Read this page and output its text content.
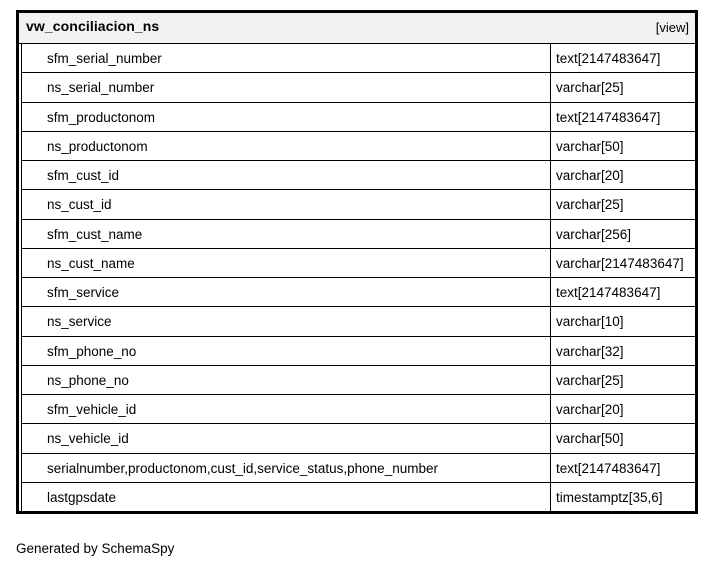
vw_conciliacion_ns	[view]
sfm_serial_number	text[2147483647]
ns_serial_number	varchar[25]
sfm_productonom	text[2147483647]
ns_productonom	varchar[50]
sfm_cust_id	varchar[20]
ns_cust_id	varchar[25]
sfm_cust_name	varchar[256]
ns_cust_name	varchar[2147483647]
sfm_service	text[2147483647]
ns_service	varchar[10]
sfm_phone_no	varchar[32]
ns_phone_no	varchar[25]
sfm_vehicle_id	varchar[20]
ns_vehicle_id	varchar[50]
serialnumber,productonom,cust_id,service_status,phone_number	text[2147483647]
lastgpsdate	timestamptz[35,6]
Generated by SchemaSpy
